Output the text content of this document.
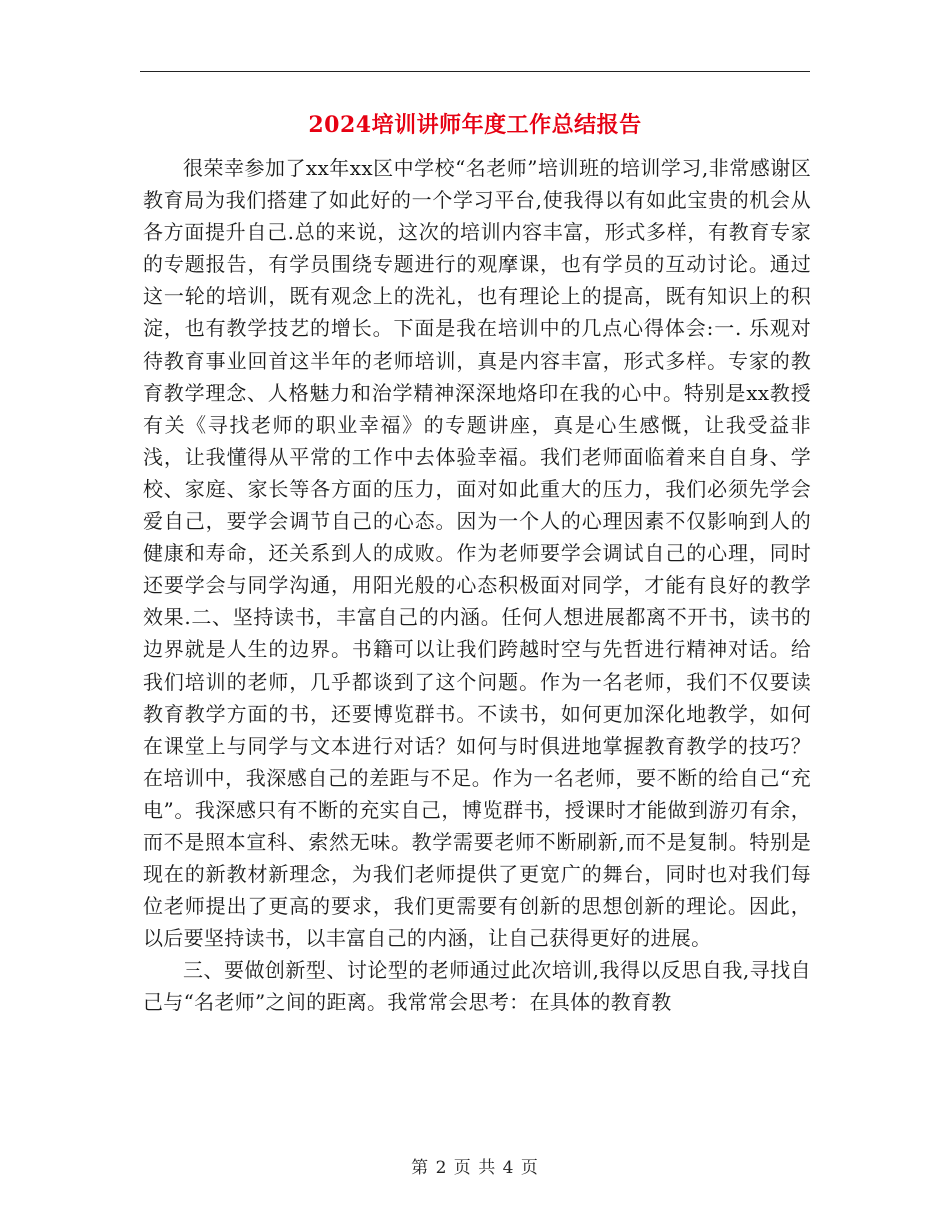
2024培训讲师年度工作总结报告

很荣幸参加了xx年xx区中学校“名老师”培训班的培训学习,非常感谢区教育局为我们搭建了如此好的一个学习平台,使我得以有如此宝贵的机会从各方面提升自己.总的来说，这次的培训内容丰富，形式多样，有教育专家的专题报告，有学员围绕专题进行的观摩课，也有学员的互动讨论。通过这一轮的培训，既有观念上的洗礼，也有理论上的提高，既有知识上的积淀，也有教学技艺的增长。下面是我在培训中的几点心得体会:一. 乐观对待教育事业回首这半年的老师培训，真是内容丰富，形式多样。专家的教育教学理念、人格魅力和治学精神深深地烙印在我的心中。特别是xx教授有关《寻找老师的职业幸福》的专题讲座，真是心生感慨，让我受益非浅，让我懂得从平常的工作中去体验幸福。我们老师面临着来自自身、学校、家庭、家长等各方面的压力，面对如此重大的压力，我们必须先学会爱自己，要学会调节自己的心态。因为一个人的心理因素不仅影响到人的健康和寿命，还关系到人的成败。作为老师要学会调试自己的心理，同时还要学会与同学沟通，用阳光般的心态积极面对同学，才能有良好的教学效果.二、坚持读书，丰富自己的内涵。任何人想进展都离不开书，读书的边界就是人生的边界。书籍可以让我们跨越时空与先哲进行精神对话。给我们培训的老师，几乎都谈到了这个问题。作为一名老师，我们不仅要读教育教学方面的书，还要博览群书。不读书，如何更加深化地教学，如何在课堂上与同学与文本进行对话？如何与时俱进地掌握教育教学的技巧？在培训中，我深感自己的差距与不足。作为一名老师，要不断的给自己“充电”。我深感只有不断的充实自己，博览群书，授课时才能做到游刃有余，而不是照本宣科、索然无味。教学需要老师不断刷新,而不是复制。特别是现在的新教材新理念，为我们老师提供了更宽广的舞台，同时也对我们每位老师提出了更高的要求，我们更需要有创新的思想创新的理论。因此，以后要坚持读书，以丰富自己的内涵，让自己获得更好的进展。

三、要做创新型、讨论型的老师通过此次培训,我得以反思自我,寻找自己与“名老师”之间的距离。我常常会思考：在具体的教育教

第 2 页 共 4 页
